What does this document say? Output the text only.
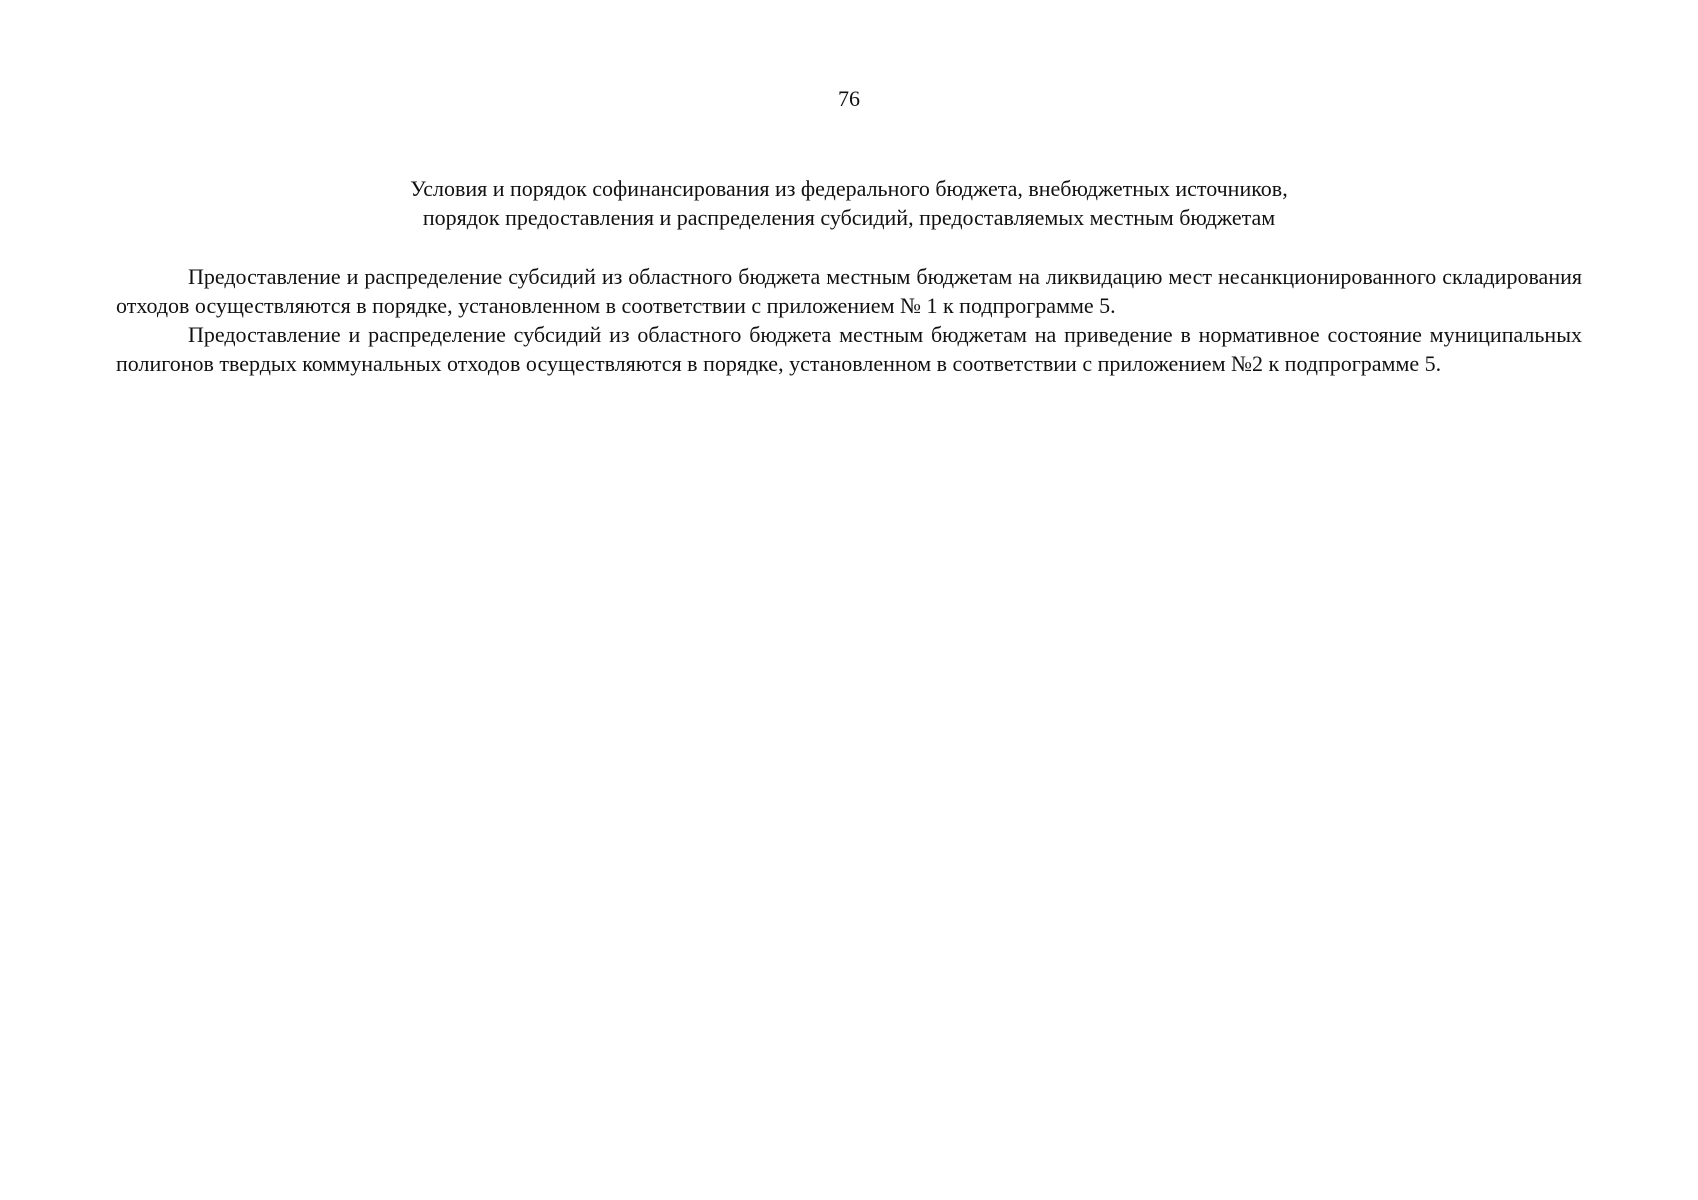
76
Условия и порядок софинансирования из федерального бюджета, внебюджетных источников,
порядок предоставления и распределения субсидий, предоставляемых местным бюджетам

Предоставление и распределение субсидий из областного бюджета местным бюджетам на ликвидацию мест несанкционированного складирования отходов осуществляются в порядке, установленном в соответствии с приложением № 1 к подпрограмме 5.

Предоставление и распределение субсидий из областного бюджета местным бюджетам на приведение в нормативное состояние муниципальных полигонов твердых коммунальных отходов осуществляются в порядке, установленном в соответствии с приложением №2 к подпрограмме 5.
